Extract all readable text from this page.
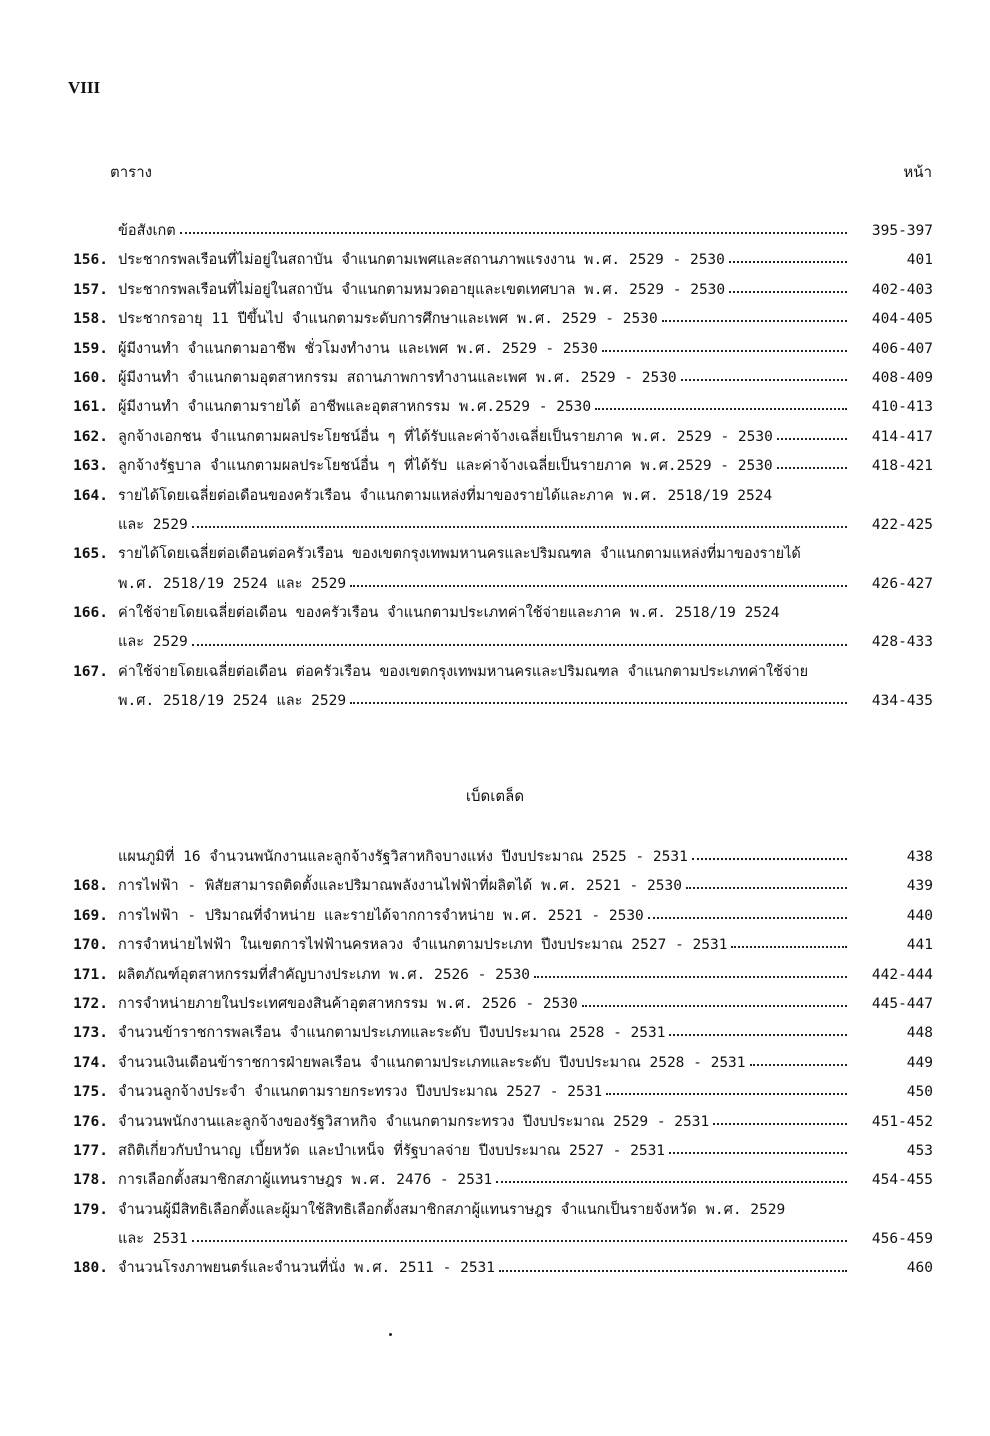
VIII
ตาราง	หน้า
ข้อสังเกต	395-397
156. ประชากรพลเรือนที่ไม่อยู่ในสถาบัน จำแนกตามเพศและสถานภาพแรงงาน พ.ศ. 2529 - 2530	401
157. ประชากรพลเรือนที่ไม่อยู่ในสถาบัน จำแนกตามหมวดอายุและเขตเทศบาล พ.ศ. 2529 - 2530	402-403
158. ประชากรอายุ 11 ปีขึ้นไป จำแนกตามระดับการศึกษาและเพศ พ.ศ. 2529 - 2530	404-405
159. ผู้มีงานทำ จำแนกตามอาชีพ ชั่วโมงทำงาน และเพศ พ.ศ. 2529 - 2530	406-407
160. ผู้มีงานทำ จำแนกตามอุตสาหกรรม สถานภาพการทำงานและเพศ พ.ศ. 2529 - 2530	408-409
161. ผู้มีงานทำ จำแนกตามรายได้ อาชีพและอุตสาหกรรม พ.ศ.2529 - 2530	410-413
162. ลูกจ้างเอกชน จำแนกตามผลประโยชน์อื่น ๆ ที่ได้รับและค่าจ้างเฉลี่ยเป็นรายภาค พ.ศ. 2529 - 2530	414-417
163. ลูกจ้างรัฐบาล จำแนกตามผลประโยชน์อื่น ๆ ที่ได้รับ และค่าจ้างเฉลี่ยเป็นรายภาค พ.ศ.2529 - 2530	418-421
164. รายได้โดยเฉลี่ยต่อเดือนของครัวเรือน จำแนกตามแหล่งที่มาของรายได้และภาค พ.ศ. 2518/19 2524
และ 2529	422-425
165. รายได้โดยเฉลี่ยต่อเดือนต่อครัวเรือน ของเขตกรุงเทพมหานครและปริมณฑล จำแนกตามแหล่งที่มาของรายได้
พ.ศ. 2518/19 2524 และ 2529	426-427
166. ค่าใช้จ่ายโดยเฉลี่ยต่อเดือน ของครัวเรือน จำแนกตามประเภทค่าใช้จ่ายและภาค พ.ศ. 2518/19 2524
และ 2529	428-433
167. ค่าใช้จ่ายโดยเฉลี่ยต่อเดือน ต่อครัวเรือน ของเขตกรุงเทพมหานครและปริมณฑล จำแนกตามประเภทค่าใช้จ่าย
พ.ศ. 2518/19 2524 และ 2529	434-435
เบ็ดเตล็ด
แผนภูมิที่ 16 จำนวนพนักงานและลูกจ้างรัฐวิสาหกิจบางแห่ง ปีงบประมาณ 2525 - 2531	438
168. การไฟฟ้า - พิสัยสามารถติดตั้งและปริมาณพลังงานไฟฟ้าที่ผลิตได้ พ.ศ. 2521 - 2530	439
169. การไฟฟ้า - ปริมาณที่จำหน่าย และรายได้จากการจำหน่าย พ.ศ. 2521 - 2530	440
170. การจำหน่ายไฟฟ้า ในเขตการไฟฟ้านครหลวง จำแนกตามประเภท ปีงบประมาณ 2527 - 2531	441
171. ผลิตภัณฑ์อุตสาหกรรมที่สำคัญบางประเภท พ.ศ. 2526 - 2530	442-444
172. การจำหน่ายภายในประเทศของสินค้าอุตสาหกรรม พ.ศ. 2526 - 2530	445-447
173. จำนวนข้าราชการพลเรือน จำแนกตามประเภทและระดับ ปีงบประมาณ 2528 - 2531	448
174. จำนวนเงินเดือนข้าราชการฝ่ายพลเรือน จำแนกตามประเภทและระดับ ปีงบประมาณ 2528 - 2531	449
175. จำนวนลูกจ้างประจำ จำแนกตามรายกระทรวง ปีงบประมาณ 2527 - 2531	450
176. จำนวนพนักงานและลูกจ้างของรัฐวิสาหกิจ จำแนกตามกระทรวง ปีงบประมาณ 2529 - 2531	451-452
177. สถิติเกี่ยวกับบำนาญ เบี้ยหวัด และบำเหน็จ ที่รัฐบาลจ่าย ปีงบประมาณ 2527 - 2531	453
178. การเลือกตั้งสมาชิกสภาผู้แทนราษฎร พ.ศ. 2476 - 2531	454-455
179. จำนวนผู้มีสิทธิเลือกตั้งและผู้มาใช้สิทธิเลือกตั้งสมาชิกสภาผู้แทนราษฎร จำแนกเป็นรายจังหวัด พ.ศ. 2529
และ 2531	456-459
180. จำนวนโรงภาพยนตร์และจำนวนที่นั่ง พ.ศ. 2511 - 2531	460
